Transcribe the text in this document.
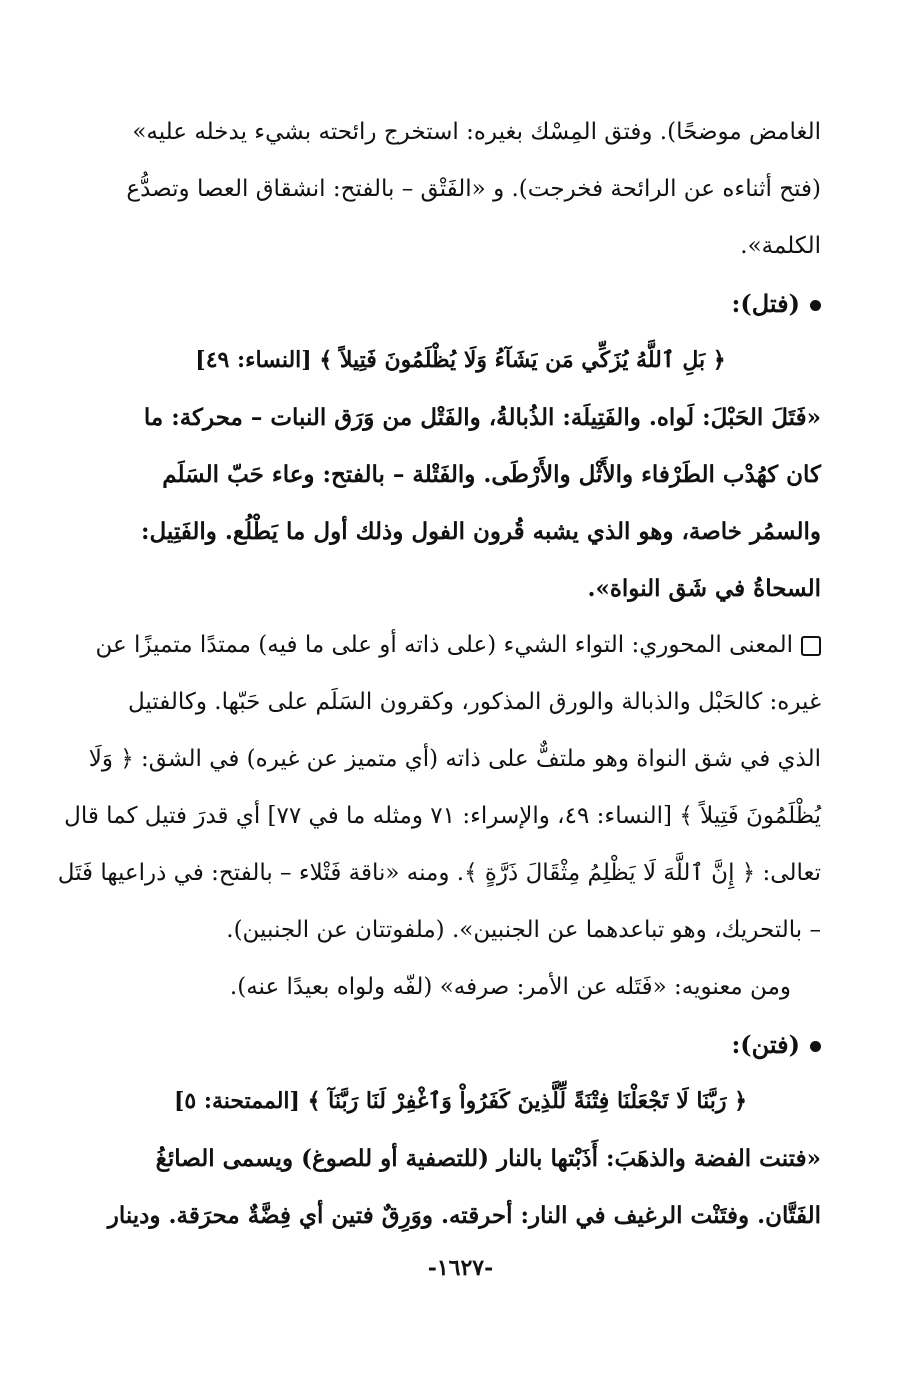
الغامض موضحًا). وفتق المِسْك بغيره: استخرج رائحته بشيء يدخله عليه»
(فتح أثناءه عن الرائحة فخرجت). و «الفَتْق – بالفتح: انشقاق العصا وتصدُّع
الكلمة».
(فتل):
﴿ بَلِ ٱللَّهُ يُزَكِّي مَن يَشَآءُ وَلَا يُظْلَمُونَ فَتِيلاً ﴾ [النساء: ٤٩]
«فَتَلَ الحَبْلَ: لَواه. والفَتِيلَة: الذُبالةُ، والفَتْل من وَرَق النبات – محركة: ما
كان كهُدْب الطَرْفاء والأَثْل والأَرْطَى. والفَتْلة – بالفتح: وعاء حَبّ السَلَم
والسمُر خاصة، وهو الذي يشبه قُرون الفول وذلك أول ما يَطْلُع. والفَتِيل:
السحاةُ في شَق النواة».
المعنى المحوري: التواء الشيء (على ذاته أو على ما فيه) ممتدًا متميزًا عن
غيره: كالحَبْل والذبالة والورق المذكور، وكقرون السَلَم على حَبّها. وكالفتيل
الذي في شق النواة وهو ملتفٌّ على ذاته (أي متميز عن غيره) في الشق: ﴿ وَلَا
يُظْلَمُونَ فَتِيلاً ﴾ [النساء: ٤٩، والإسراء: ٧١ ومثله ما في ٧٧] أي قدرَ فتيل كما قال
تعالى: ﴿ إِنَّ ٱللَّهَ لَا يَظْلِمُ مِثْقَالَ ذَرَّةٍ ﴾. ومنه «ناقة فَتْلاء – بالفتح: في ذراعيها فَتَل
– بالتحريك، وهو تباعدهما عن الجنبين». (ملفوتتان عن الجنبين).
ومن معنويه: «فَتَله عن الأمر: صرفه» (لفّه ولواه بعيدًا عنه).
(فتن):
﴿ رَبَّنَا لَا تَجْعَلْنَا فِتْنَةً لِّلَّذِينَ كَفَرُواْ وَٱغْفِرْ لَنَا رَبَّنَآ ﴾ [الممتحنة: ٥]
«فتنت الفضة والذهَبَ: أَذَبْتها بالنار (للتصفية أو للصوغ) ويسمى الصائغُ
الفَتَّان. وفتَنْت الرغيف في النار: أحرقته. ووَرِقٌ فتين أي فِضَّةٌ محرَقة. ودينار
-١٦٢٧-
